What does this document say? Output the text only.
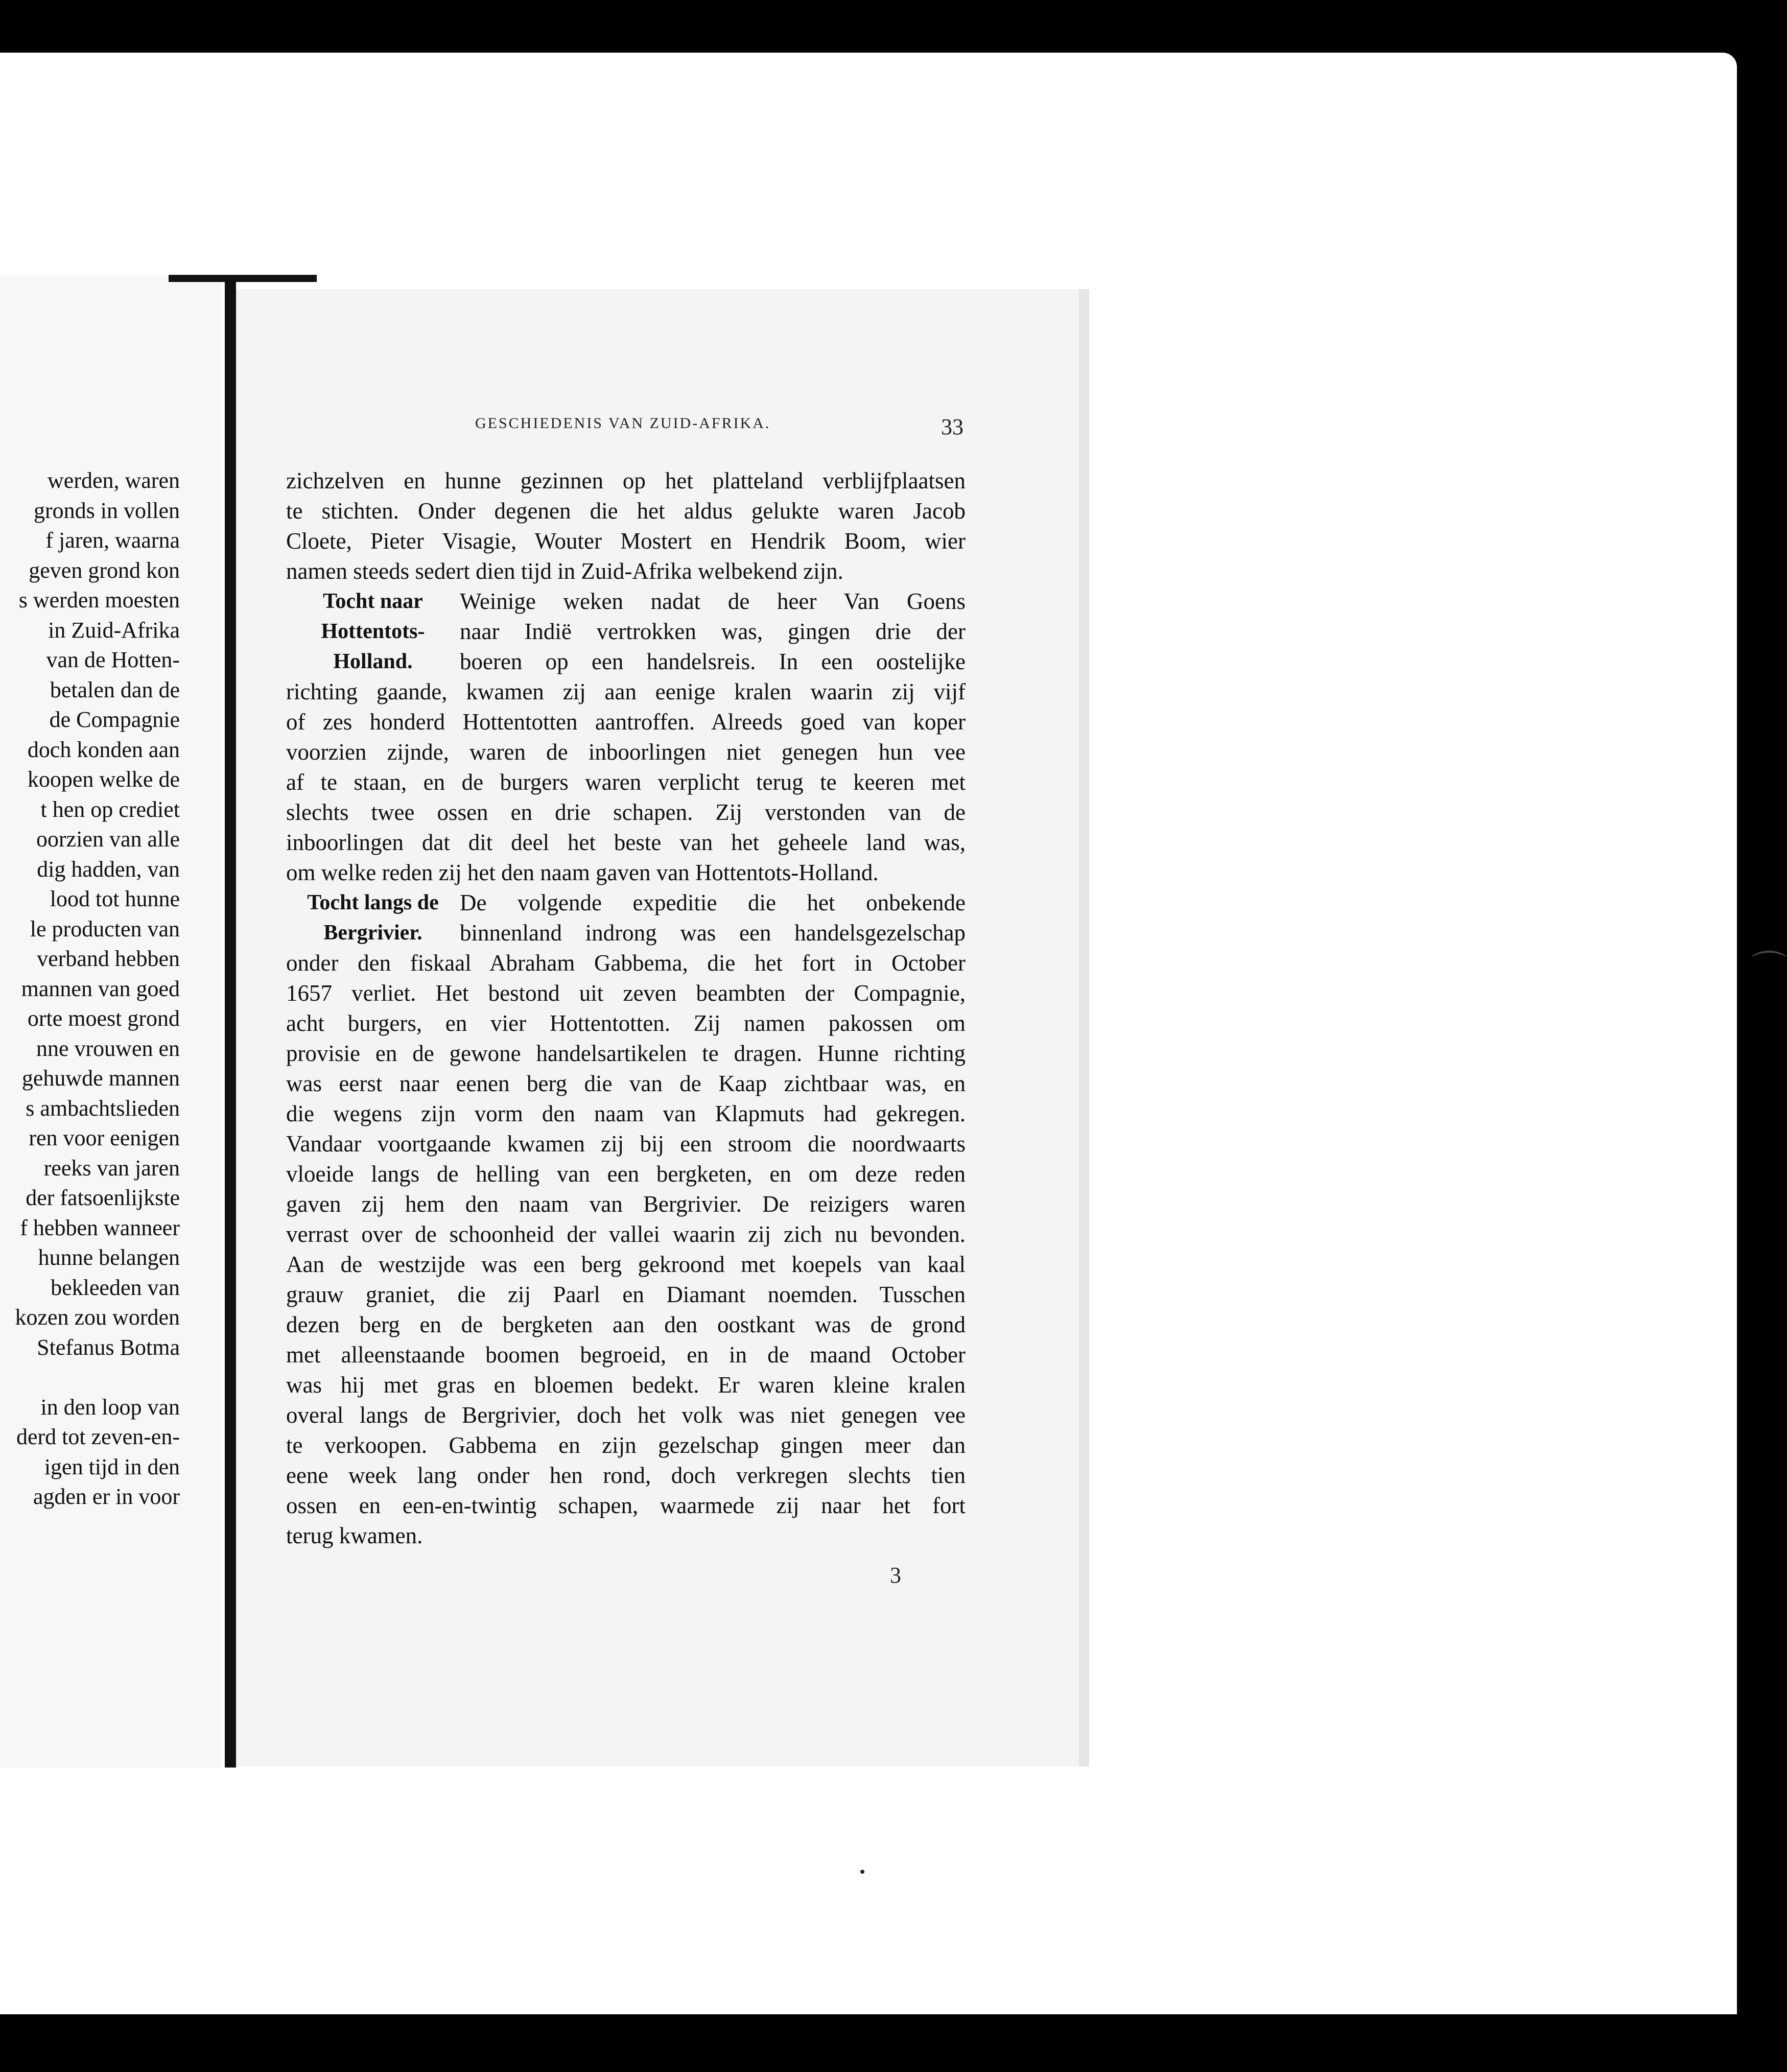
werden, waren
gronds in vollen
f jaren, waarna
geven grond kon
s werden moesten
in Zuid-Afrika
van de Hotten-
betalen dan de
de Compagnie
doch konden aan
koopen welke de
t hen op crediet
oorzien van alle
dig hadden, van
lood tot hunne
le producten van
verband hebben
mannen van goed
orte moest grond
nne vrouwen en
gehuwde mannen
s ambachtslieden
ren voor eenigen
reeks van jaren
der fatsoenlijkste
f hebben wanneer
hunne belangen
bekleeden van
kozen zou worden
Stefanus Botma
in den loop van
derd tot zeven-en-
igen tijd in den
agden er in voor
GESCHIEDENIS VAN ZUID-AFRIKA.	33
zichzelven en hunne gezinnen op het platteland verblijfplaatsen
te stichten. Onder degenen die het aldus gelukte waren Jacob
Cloete, Pieter Visagie, Wouter Mostert en Hendrik Boom, wier
namen steeds sedert dien tijd in Zuid-Afrika welbekend zijn.
Tocht naar	Weinige weken nadat de heer Van Goens
Hottentots-	naar Indië vertrokken was, gingen drie der
Holland.	boeren op een handelsreis. In een oostelijke
richting gaande, kwamen zij aan eenige kralen waarin zij vijf
of zes honderd Hottentotten aantroffen. Alreeds goed van koper
voorzien zijnde, waren de inboorlingen niet genegen hun vee
af te staan, en de burgers waren verplicht terug te keeren met
slechts twee ossen en drie schapen. Zij verstonden van de
inboorlingen dat dit deel het beste van het geheele land was,
om welke reden zij het den naam gaven van Hottentots-Holland.
Tocht langs de De volgende expeditie die het onbekende
Bergrivier.	binnenland indrong was een handelsgezelschap
onder den fiskaal Abraham Gabbema, die het fort in October
1657 verliet. Het bestond uit zeven beambten der Compagnie,
acht burgers, en vier Hottentotten. Zij namen pakossen om
provisie en de gewone handelsartikelen te dragen. Hunne richting
was eerst naar eenen berg die van de Kaap zichtbaar was, en
die wegens zijn vorm den naam van Klapmuts had gekregen.
Vandaar voortgaande kwamen zij bij een stroom die noordwaarts
vloeide langs de helling van een bergketen, en om deze reden
gaven zij hem den naam van Bergrivier. De reizigers waren
verrast over de schoonheid der vallei waarin zij zich nu bevonden.
Aan de westzijde was een berg gekroond met koepels van kaal
grauw graniet, die zij Paarl en Diamant noemden. Tusschen
dezen berg en de bergketen aan den oostkant was de grond
met alleenstaande boomen begroeid, en in de maand October
was hij met gras en bloemen bedekt. Er waren kleine kralen
overal langs de Bergrivier, doch het volk was niet genegen vee
te verkoopen. Gabbema en zijn gezelschap gingen meer dan
eene week lang onder hen rond, doch verkregen slechts tien
ossen en een-en-twintig schapen, waarmede zij naar het fort
terug kwamen.
3
⌒
